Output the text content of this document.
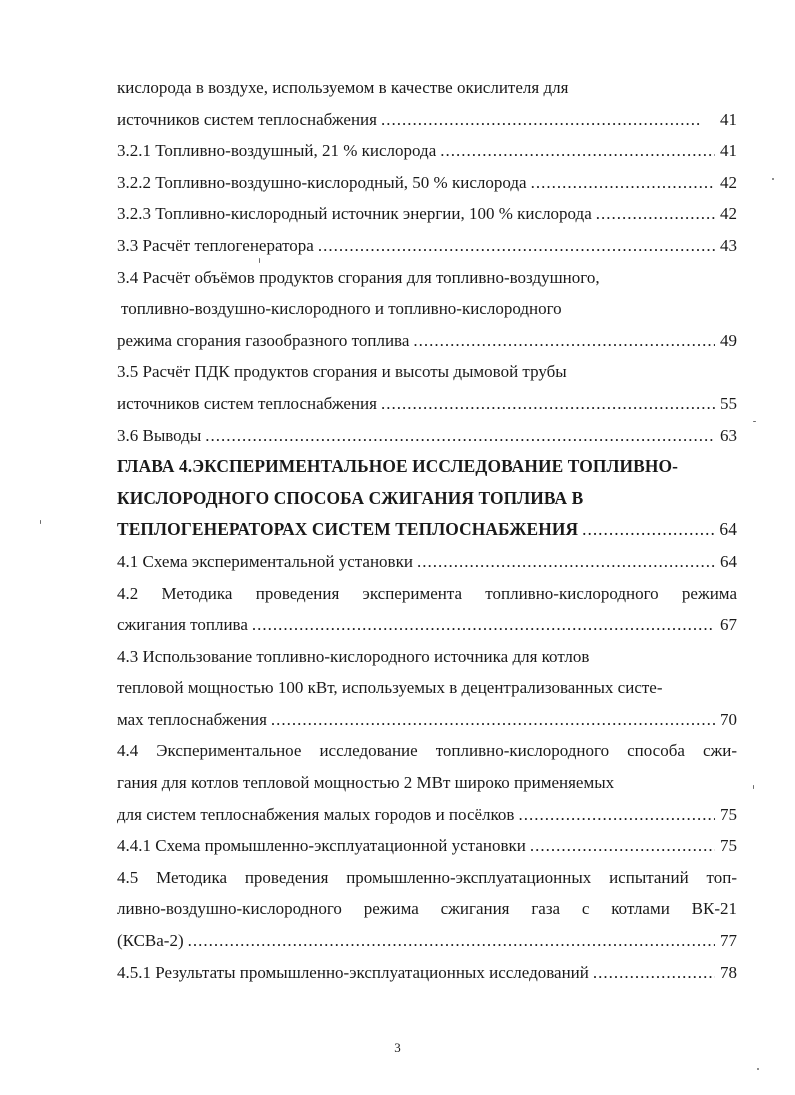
кислорода в воздухе, используемом в качестве окислителя для
источников систем теплоснабжения .....	41
3.2.1 Топливно-воздушный, 21 % кислорода .....	41
3.2.2 Топливно-воздушно-кислородный, 50 % кислорода .....	42
3.2.3 Топливно-кислородный источник энергии, 100 % кислорода .....	42
3.3 Расчёт теплогенератора .....	43
3.4 Расчёт объёмов продуктов сгорания для топливно-воздушного,
топливно-воздушно-кислородного и топливно-кислородного
режима сгорания газообразного топлива .....	49
3.5 Расчёт ПДК продуктов сгорания и высоты дымовой трубы
источников систем теплоснабжения .....	55
3.6 Выводы .....	63
ГЛАВА 4.ЭКСПЕРИМЕНТАЛЬНОЕ ИССЛЕДОВАНИЕ ТОПЛИВНО-
КИСЛОРОДНОГО СПОСОБА СЖИГАНИЯ ТОПЛИВА В
ТЕПЛОГЕНЕРАТОРАХ СИСТЕМ ТЕПЛОСНАБЖЕНИЯ .....	64
4.1 Схема экспериментальной установки .....	64
4.2 Методика проведения эксперимента топливно-кислородного режима
сжигания топлива .....	67
4.3 Использование топливно-кислородного источника для котлов
тепловой мощностью 100 кВт, используемых в децентрализованных систе-
мах теплоснабжения .....	70
4.4 Экспериментальное исследование топливно-кислородного способа сжи-
гания для котлов тепловой мощностью 2 МВт широко применяемых
для систем теплоснабжения малых городов и посёлков .....	75
4.4.1 Схема промышленно-эксплуатационной установки .....	75
4.5 Методика проведения промышленно-эксплуатационных испытаний топ-
ливно-воздушно-кислородного режима сжигания газа с котлами ВК-21
(КСВа-2) .....	77
4.5.1 Результаты промышленно-эксплуатационных исследований .....	78
3
